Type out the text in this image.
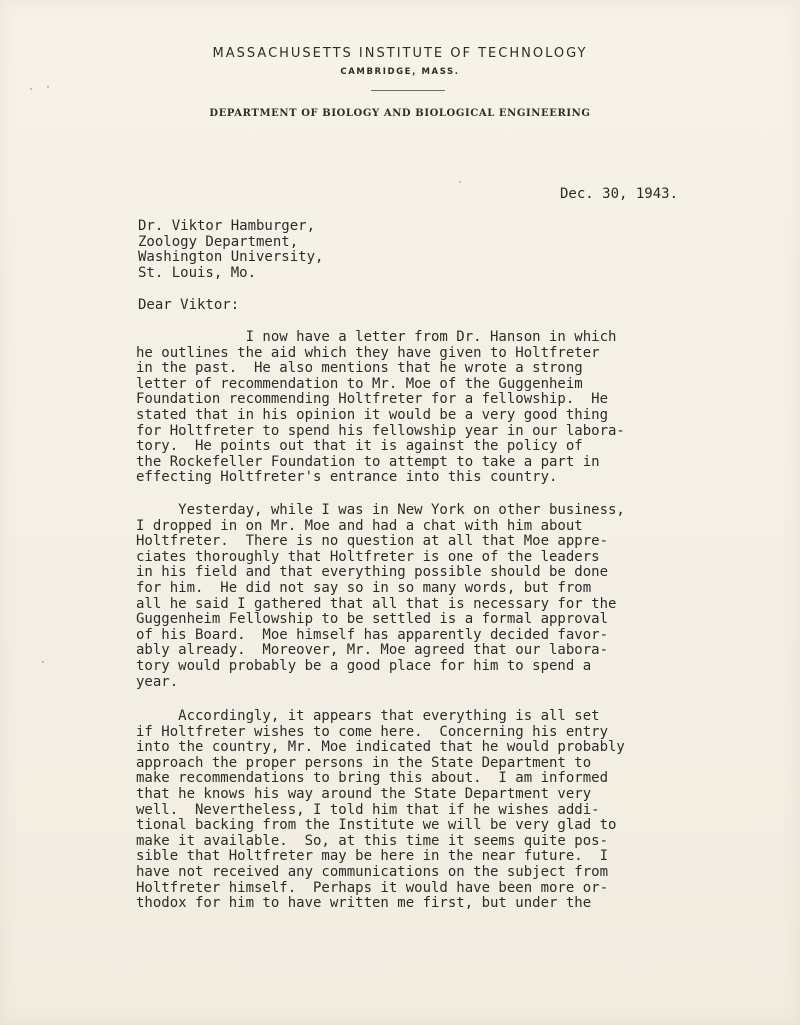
MASSACHUSETTS INSTITUTE OF TECHNOLOGY
CAMBRIDGE, MASS.
DEPARTMENT OF BIOLOGY AND BIOLOGICAL ENGINEERING

Dec. 30, 1943.

Dr. Viktor Hamburger,
Zoology Department,
Washington University,
St. Louis, Mo.

Dear Viktor:

I now have a letter from Dr. Hanson in which
he outlines the aid which they have given to Holtfreter
in the past.  He also mentions that he wrote a strong
letter of recommendation to Mr. Moe of the Guggenheim
Foundation recommending Holtfreter for a fellowship.  He
stated that in his opinion it would be a very good thing
for Holtfreter to spend his fellowship year in our labora-
tory.  He points out that it is against the policy of
the Rockefeller Foundation to attempt to take a part in
effecting Holtfreter's entrance into this country.

Yesterday, while I was in New York on other business,
I dropped in on Mr. Moe and had a chat with him about
Holtfreter.  There is no question at all that Moe appre-
ciates thoroughly that Holtfreter is one of the leaders
in his field and that everything possible should be done
for him.  He did not say so in so many words, but from
all he said I gathered that all that is necessary for the
Guggenheim Fellowship to be settled is a formal approval
of his Board.  Moe himself has apparently decided favor-
ably already.  Moreover, Mr. Moe agreed that our labora-
tory would probably be a good place for him to spend a
year.

Accordingly, it appears that everything is all set
if Holtfreter wishes to come here.  Concerning his entry
into the country, Mr. Moe indicated that he would probably
approach the proper persons in the State Department to
make recommendations to bring this about.  I am informed
that he knows his way around the State Department very
well.  Nevertheless, I told him that if he wishes addi-
tional backing from the Institute we will be very glad to
make it available.  So, at this time it seems quite pos-
sible that Holtfreter may be here in the near future.  I
have not received any communications on the subject from
Holtfreter himself.  Perhaps it would have been more or-
thodox for him to have written me first, but under the
